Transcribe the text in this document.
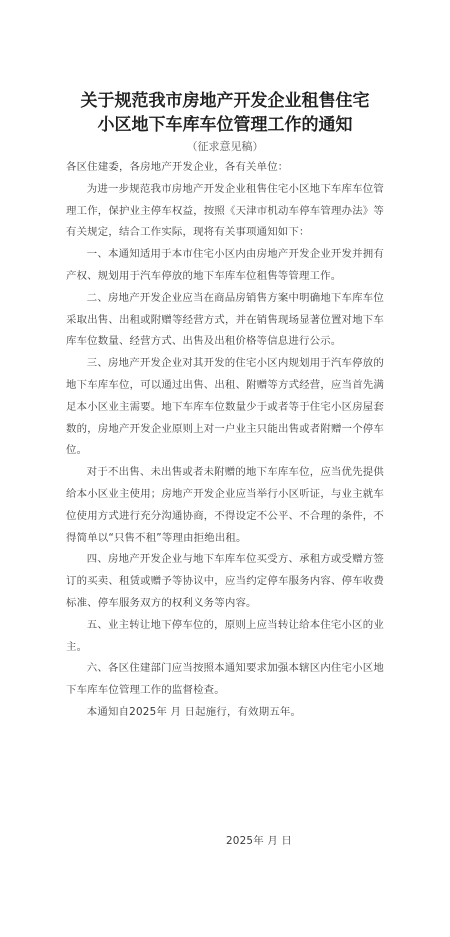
关于规范我市房地产开发企业租售住宅
小区地下车库车位管理工作的通知
（征求意见稿）

各区住建委，各房地产开发企业，各有关单位：

为进一步规范我市房地产开发企业租售住宅小区地下车库车位管理工作，保护业主停车权益，按照《天津市机动车停车管理办法》等有关规定，结合工作实际，现将有关事项通知如下：

一、本通知适用于本市住宅小区内由房地产开发企业开发并拥有产权、规划用于汽车停放的地下车库车位租售等管理工作。

二、房地产开发企业应当在商品房销售方案中明确地下车库车位采取出售、出租或附赠等经营方式，并在销售现场显著位置对地下车库车位数量、经营方式、出售及出租价格等信息进行公示。

三、房地产开发企业对其开发的住宅小区内规划用于汽车停放的地下车库车位，可以通过出售、出租、附赠等方式经营，应当首先满足本小区业主需要。地下车库车位数量少于或者等于住宅小区房屋套数的，房地产开发企业原则上对一户业主只能出售或者附赠一个停车位。

对于不出售、未出售或者未附赠的地下车库车位，应当优先提供给本小区业主使用；房地产开发企业应当举行小区听证，与业主就车位使用方式进行充分沟通协商，不得设定不公平、不合理的条件，不得简单以“只售不租”等理由拒绝出租。

四、房地产开发企业与地下车库车位买受方、承租方或受赠方签订的买卖、租赁或赠予等协议中，应当约定停车服务内容、停车收费标准、停车服务双方的权利义务等内容。

五、业主转让地下停车位的，原则上应当转让给本住宅小区的业主。

六、各区住建部门应当按照本通知要求加强本辖区内住宅小区地下车库车位管理工作的监督检查。

本通知自2025年 月 日起施行，有效期五年。

2025年 月 日
